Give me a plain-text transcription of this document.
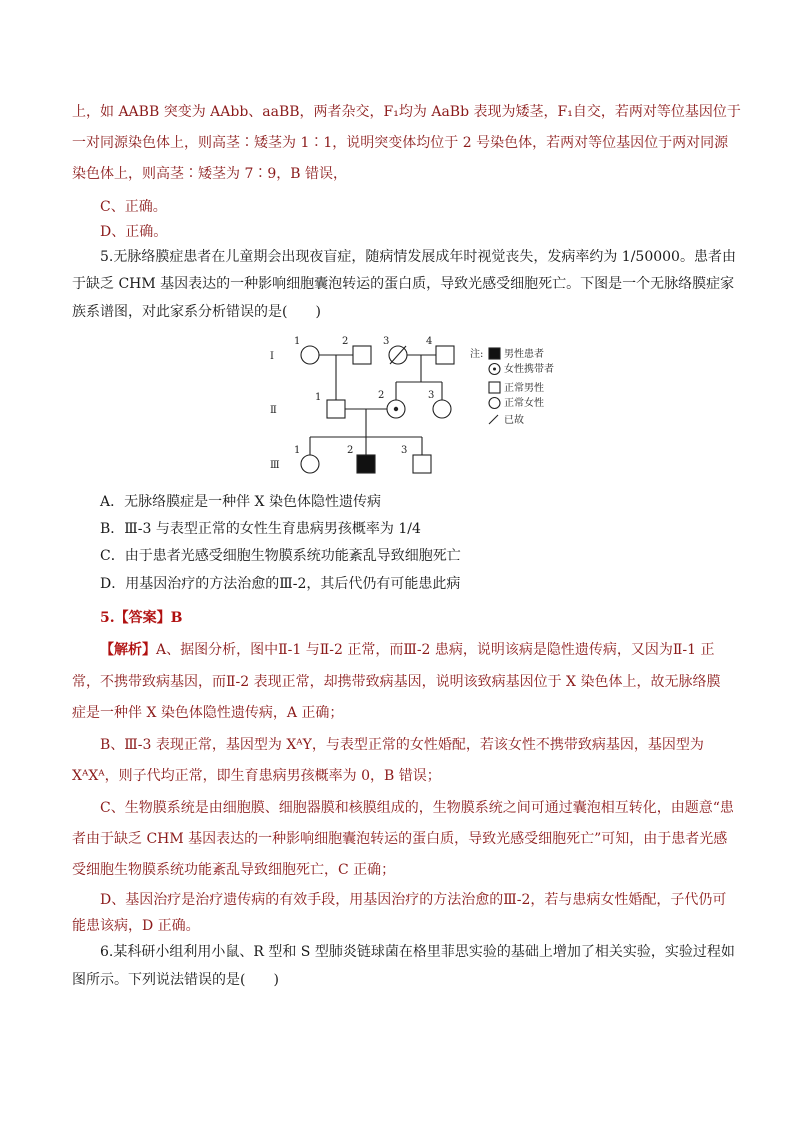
上，如 AABB 突变为 AAbb、aaBB，两者杂交，F₁均为 AaBb 表现为矮茎，F₁自交，若两对等位基因位于
一对同源染色体上，则高茎∶矮茎为 1∶1，说明突变体均位于 2 号染色体，若两对等位基因位于两对同源
染色体上，则高茎∶矮茎为 7∶9，B 错误，
C、正确。
D、正确。
5.无脉络膜症患者在儿童期会出现夜盲症，随病情发展成年时视觉丧失，发病率约为 1/50000。患者由
于缺乏 CHM 基因表达的一种影响细胞囊泡转运的蛋白质，导致光感受细胞死亡。下图是一个无脉络膜症家
族系谱图，对此家系分析错误的是(　　)
Ⅰ
Ⅱ
Ⅲ
1	2	3	4
1	2	3
1	2	3
注: 男性患者
女性携带者
正常男性
正常女性
已故
A．无脉络膜症是一种伴 X 染色体隐性遗传病
B．Ⅲ-3 与表型正常的女性生育患病男孩概率为 1/4
C．由于患者光感受细胞生物膜系统功能紊乱导致细胞死亡
D．用基因治疗的方法治愈的Ⅲ-2，其后代仍有可能患此病
5.【答案】B
【解析】A、据图分析，图中Ⅱ-1 与Ⅱ-2 正常，而Ⅲ-2 患病，说明该病是隐性遗传病，又因为Ⅱ-1 正
常，不携带致病基因，而Ⅱ-2 表现正常，却携带致病基因，说明该致病基因位于 X 染色体上，故无脉络膜
症是一种伴 X 染色体隐性遗传病，A 正确；
B、Ⅲ-3 表现正常，基因型为 XᴬY，与表型正常的女性婚配，若该女性不携带致病基因，基因型为
XᴬXᴬ，则子代均正常，即生育患病男孩概率为 0，B 错误；
C、生物膜系统是由细胞膜、细胞器膜和核膜组成的，生物膜系统之间可通过囊泡相互转化，由题意“患
者由于缺乏 CHM 基因表达的一种影响细胞囊泡转运的蛋白质，导致光感受细胞死亡”可知，由于患者光感
受细胞生物膜系统功能紊乱导致细胞死亡，C 正确；
D、基因治疗是治疗遗传病的有效手段，用基因治疗的方法治愈的Ⅲ-2，若与患病女性婚配，子代仍可
能患该病，D 正确。
6.某科研小组利用小鼠、R 型和 S 型肺炎链球菌在格里菲思实验的基础上增加了相关实验，实验过程如
图所示。下列说法错误的是(　　)
